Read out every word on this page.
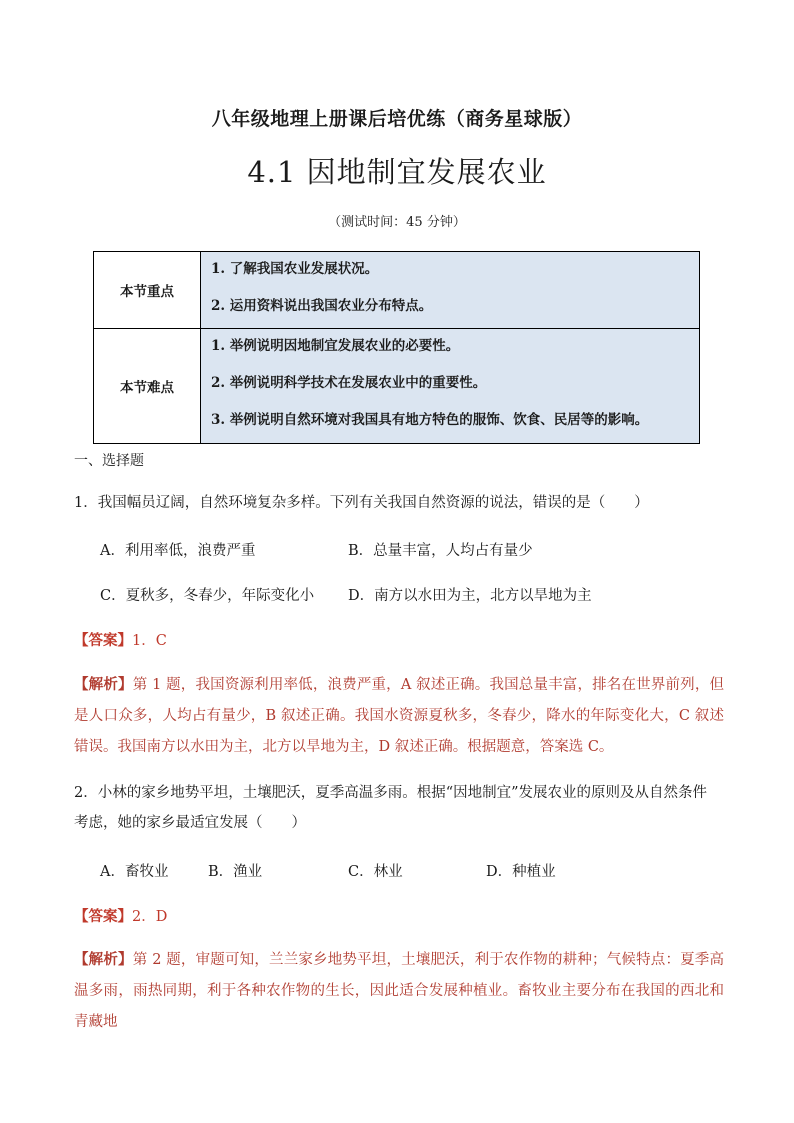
八年级地理上册课后培优练（商务星球版）
4.1 因地制宜发展农业
（测试时间：45 分钟）
本节重点	1. 了解我国农业发展状况。
2. 运用资料说出我国农业分布特点。

本节难点	1. 举例说明因地制宜发展农业的必要性。
2. 举例说明科学技术在发展农业中的重要性。
3. 举例说明自然环境对我国具有地方特色的服饰、饮食、民居等的影响。
一、选择题
1．我国幅员辽阔，自然环境复杂多样。下列有关我国自然资源的说法，错误的是（　　）
A．利用率低，浪费严重	B．总量丰富，人均占有量少
C．夏秋多，冬春少，年际变化小 D．南方以水田为主，北方以旱地为主
【答案】1．C
【解析】第 1 题，我国资源利用率低，浪费严重，A 叙述正确。我国总量丰富，排名在世界前列，但是人口众多，人均占有量少，B 叙述正确。我国水资源夏秋多，冬春少，降水的年际变化大，C 叙述错误。我国南方以水田为主，北方以旱地为主，D 叙述正确。根据题意，答案选 C。
2．小林的家乡地势平坦，土壤肥沃，夏季高温多雨。根据“因地制宜”发展农业的原则及从自然条件考虑，她的家乡最适宜发展（　　）
A．畜牧业	B．渔业	C．林业	D．种植业
【答案】2．D
【解析】第 2 题，审题可知，兰兰家乡地势平坦，土壤肥沃，利于农作物的耕种；气候特点：夏季高温多雨，雨热同期，利于各种农作物的生长，因此适合发展种植业。畜牧业主要分布在我国的西北和青藏地
